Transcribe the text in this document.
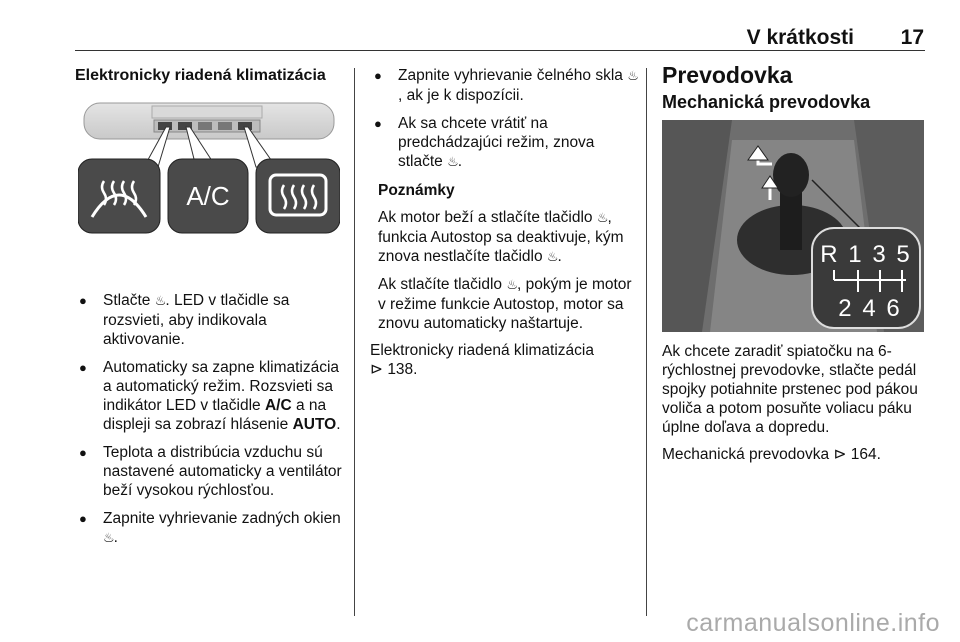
V krátkosti 17

Elektronicky riadená klimatizácia

A/C
● Stlačte ♨. LED v tlačidle sa rozsvieti, aby indikovala aktivovanie.
● Automaticky sa zapne klimatizácia a automatický režim. Rozsvieti sa indikátor LED v tlačidle A/C a na displeji sa zobrazí hlásenie AUTO.
● Teplota a distribúcia vzduchu sú nastavené automaticky a ventilátor beží vysokou rýchlosťou.
● Zapnite vyhrievanie zadných okien ♨.
● Zapnite vyhrievanie čelného skla ♨, ak je k dispozícii.
● Ak sa chcete vrátiť na predchádzajúci režim, znova stlačte ♨.

Poznámky

Ak motor beží a stlačíte tlačidlo ♨, funkcia Autostop sa deaktivuje, kým znova nestlačíte tlačidlo ♨.

Ak stlačíte tlačidlo ♨, pokým je motor v režime funkcie Autostop, motor sa znovu automaticky naštartuje.

Elektronicky riadená klimatizácia
⊳ 138.

Prevodovka

Mechanická prevodovka

R 1 3 5
2 4 6

Ak chcete zaradiť spiatočku na 6-rýchlostnej prevodovke, stlačte pedál spojky potiahnite prstenec pod pákou voliča a potom posuňte voliacu páku úplne doľava a dopredu.

Mechanická prevodovka ⊳ 164.

carmanualsonline.info
